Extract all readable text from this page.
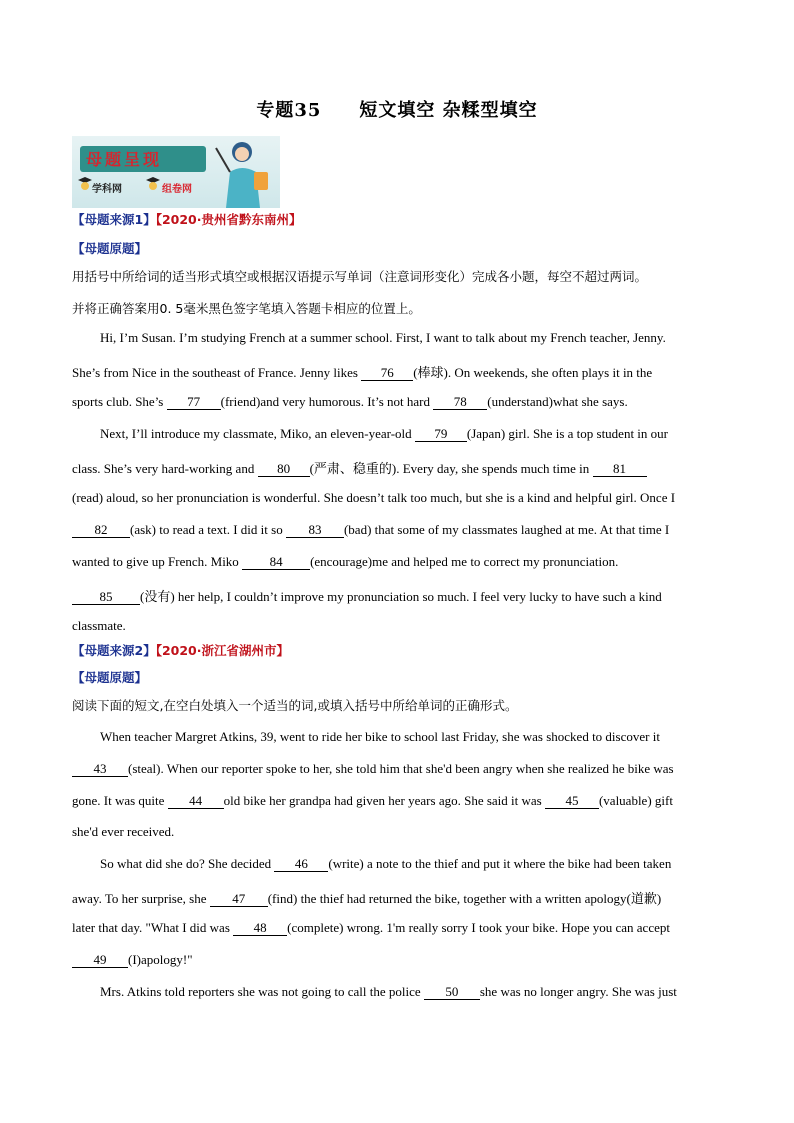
专题35 短文填空 杂糅型填空
母题呈现
学科网	组卷网
【母题来源1】【2020·贵州省黔东南州】
【母题原题】
用括号中所给词的适当形式填空或根据汉语提示写单词（注意词形变化）完成各小题，每空不超过两词。
并将正确答案用0. 5毫米黑色签字笔填入答题卡相应的位置上。
Hi, I’m Susan. I’m studying French at a summer school. First, I want to talk about my French teacher, Jenny.
She’s from Nice in the southeast of France. Jenny likes 76 (棒球). On weekends, she often plays it in the
sports club. She’s 77 (friend)and very humorous. It’s not hard 78 (understand)what she says.
Next, I’ll introduce my classmate, Miko, an eleven-year-old 79 (Japan) girl. She is a top student in our
class. She’s very hard-working and 80 (严肃、稳重的). Every day, she spends much time in 81
(read) aloud, so her pronunciation is wonderful. She doesn’t talk too much, but she is a kind and helpful girl. Once I
82 (ask) to read a text. I did it so 83 (bad) that some of my classmates laughed at me. At that time I
wanted to give up French. Miko 84 (encourage)me and helped me to correct my pronunciation.
85 (没有) her help, I couldn’t improve my pronunciation so much. I feel very lucky to have such a kind
classmate.
【母题来源2】【2020·浙江省湖州市】
【母题原题】
阅读下面的短文,在空白处填入一个适当的词,或填入括号中所给单词的正确形式。
When teacher Margret Atkins, 39, went to ride her bike to school last Friday, she was shocked to discover it
43 (steal). When our reporter spoke to her, she told him that she'd been angry when she realized he bike was
gone. It was quite 44 old bike her grandpa had given her years ago. She said it was 45 (valuable) gift
she'd ever received.
So what did she do? She decided 46 (write) a note to the thief and put it where the bike had been taken
away. To her surprise, she 47 (find) the thief had returned the bike, together with a written apology(道歉)
later that day. "What I did was 48 (complete) wrong. 1'm really sorry I took your bike. Hope you can accept
49 (I)apology!"
Mrs. Atkins told reporters she was not going to call the police 50 she was no longer angry. She was just
